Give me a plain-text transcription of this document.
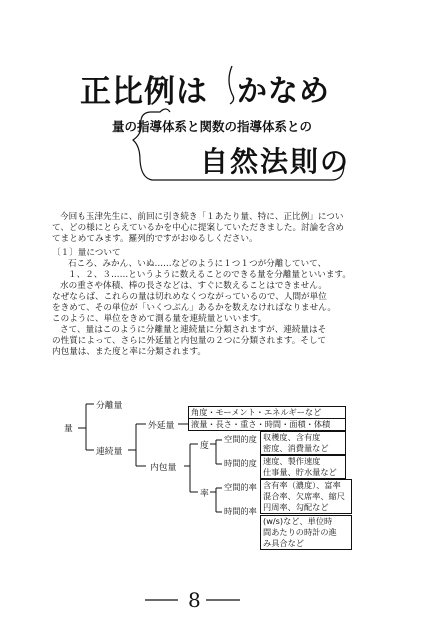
正比例は かなめ
量の指導体系と関数の指導体系との
自然法則の
今回も玉津先生に、前回に引き続き「１あたり量、特に、正比例」につい
て、どの様にとらえているかを中心に提案していただきました。討論を含め
てまとめてみます。羅列的ですがおゆるしください。
〔１〕量について
石ころ、みかん、いぬ……などのように１つ１つが分離していて、
１、２、３……というように数えることのできる量を分離量といいます。
水の重さや体積、棒の長さなどは、すぐに数えることはできません。
なぜならば、これらの量は切れめなくつながっているので、人間が単位
をきめて、その単位が「いくつぶん」あるかを数えなければなりません。
このように、単位をきめて測る量を連続量といいます。
さて、量はこのように分離量と連続量に分類されますが、連続量はそ
の性質によって、さらに外延量と内包量の２つに分類されます。そして
内包量は、また度と率に分類されます。
量
分離量
連続量
外延量
内包量
度
率
空間的度
時間的度
空間的率
時間的率
角度・モーメント・エネルギーなど
液量・長さ・重さ・時間・面積・体積
収穫度、含有度
密度、消費量など
速度、製作速度
仕事量、貯水量など
含有率（濃度）、富率
混合率、欠席率、縮尺
円周率、勾配など
(w/s)など、単位時
間あたりの時計の進
み具合など
8
